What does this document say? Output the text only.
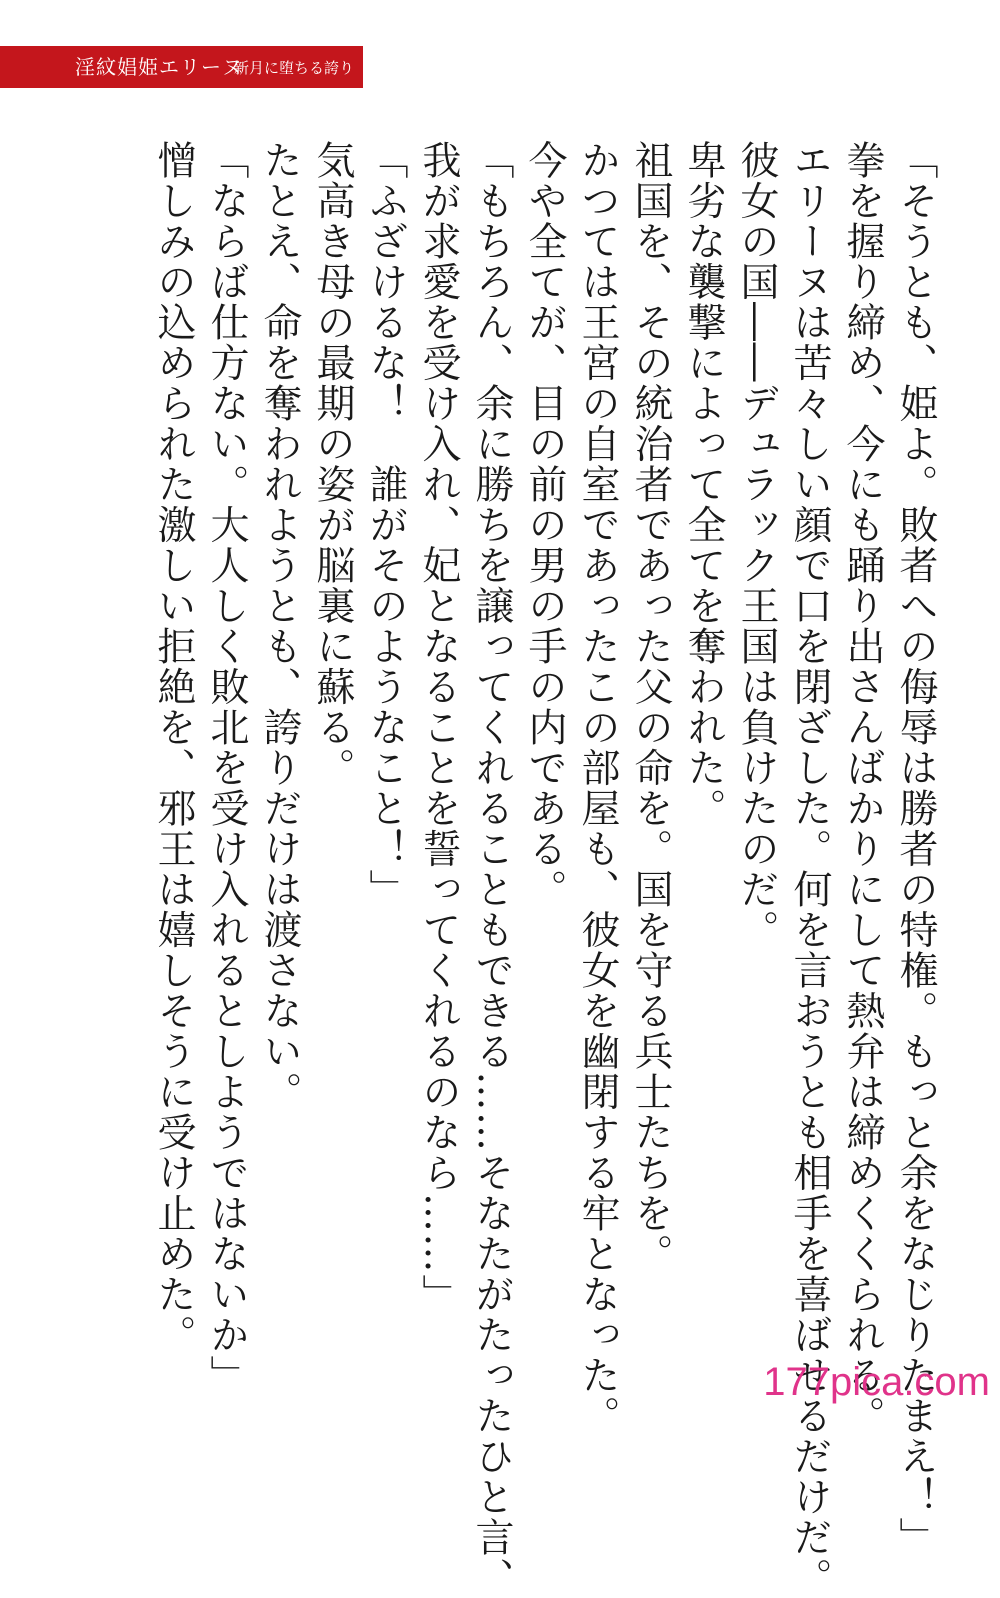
淫紋娼姫エリーヌ
新月に堕ちる誇り
「そうとも、姫よ。敗者への侮辱は勝者の特権。もっと余をなじりたまえ！」
拳を握り締め、今にも踊り出さんばかりにして熱弁は締めくくられる。
エリーヌは苦々しい顔で口を閉ざした。何を言おうとも相手を喜ばせるだけだ。
彼女の国――デュラック王国は負けたのだ。
卑劣な襲撃によって全てを奪われた。
祖国を、その統治者であった父の命を。国を守る兵士たちを。
かつては王宮の自室であったこの部屋も、彼女を幽閉する牢となった。
今や全てが、目の前の男の手の内である。
「もちろん、余に勝ちを譲ってくれることもできる……そなたがたったひと言、
我が求愛を受け入れ、妃となることを誓ってくれるのなら……」
「ふざけるな！　誰がそのようなこと！」
気高き母の最期の姿が脳裏に蘇る。
たとえ、命を奪われようとも、誇りだけは渡さない。
「ならば仕方ない。大人しく敗北を受け入れるとしようではないか」
憎しみの込められた激しい拒絶を、邪王は嬉しそうに受け止めた。
177pica.com
